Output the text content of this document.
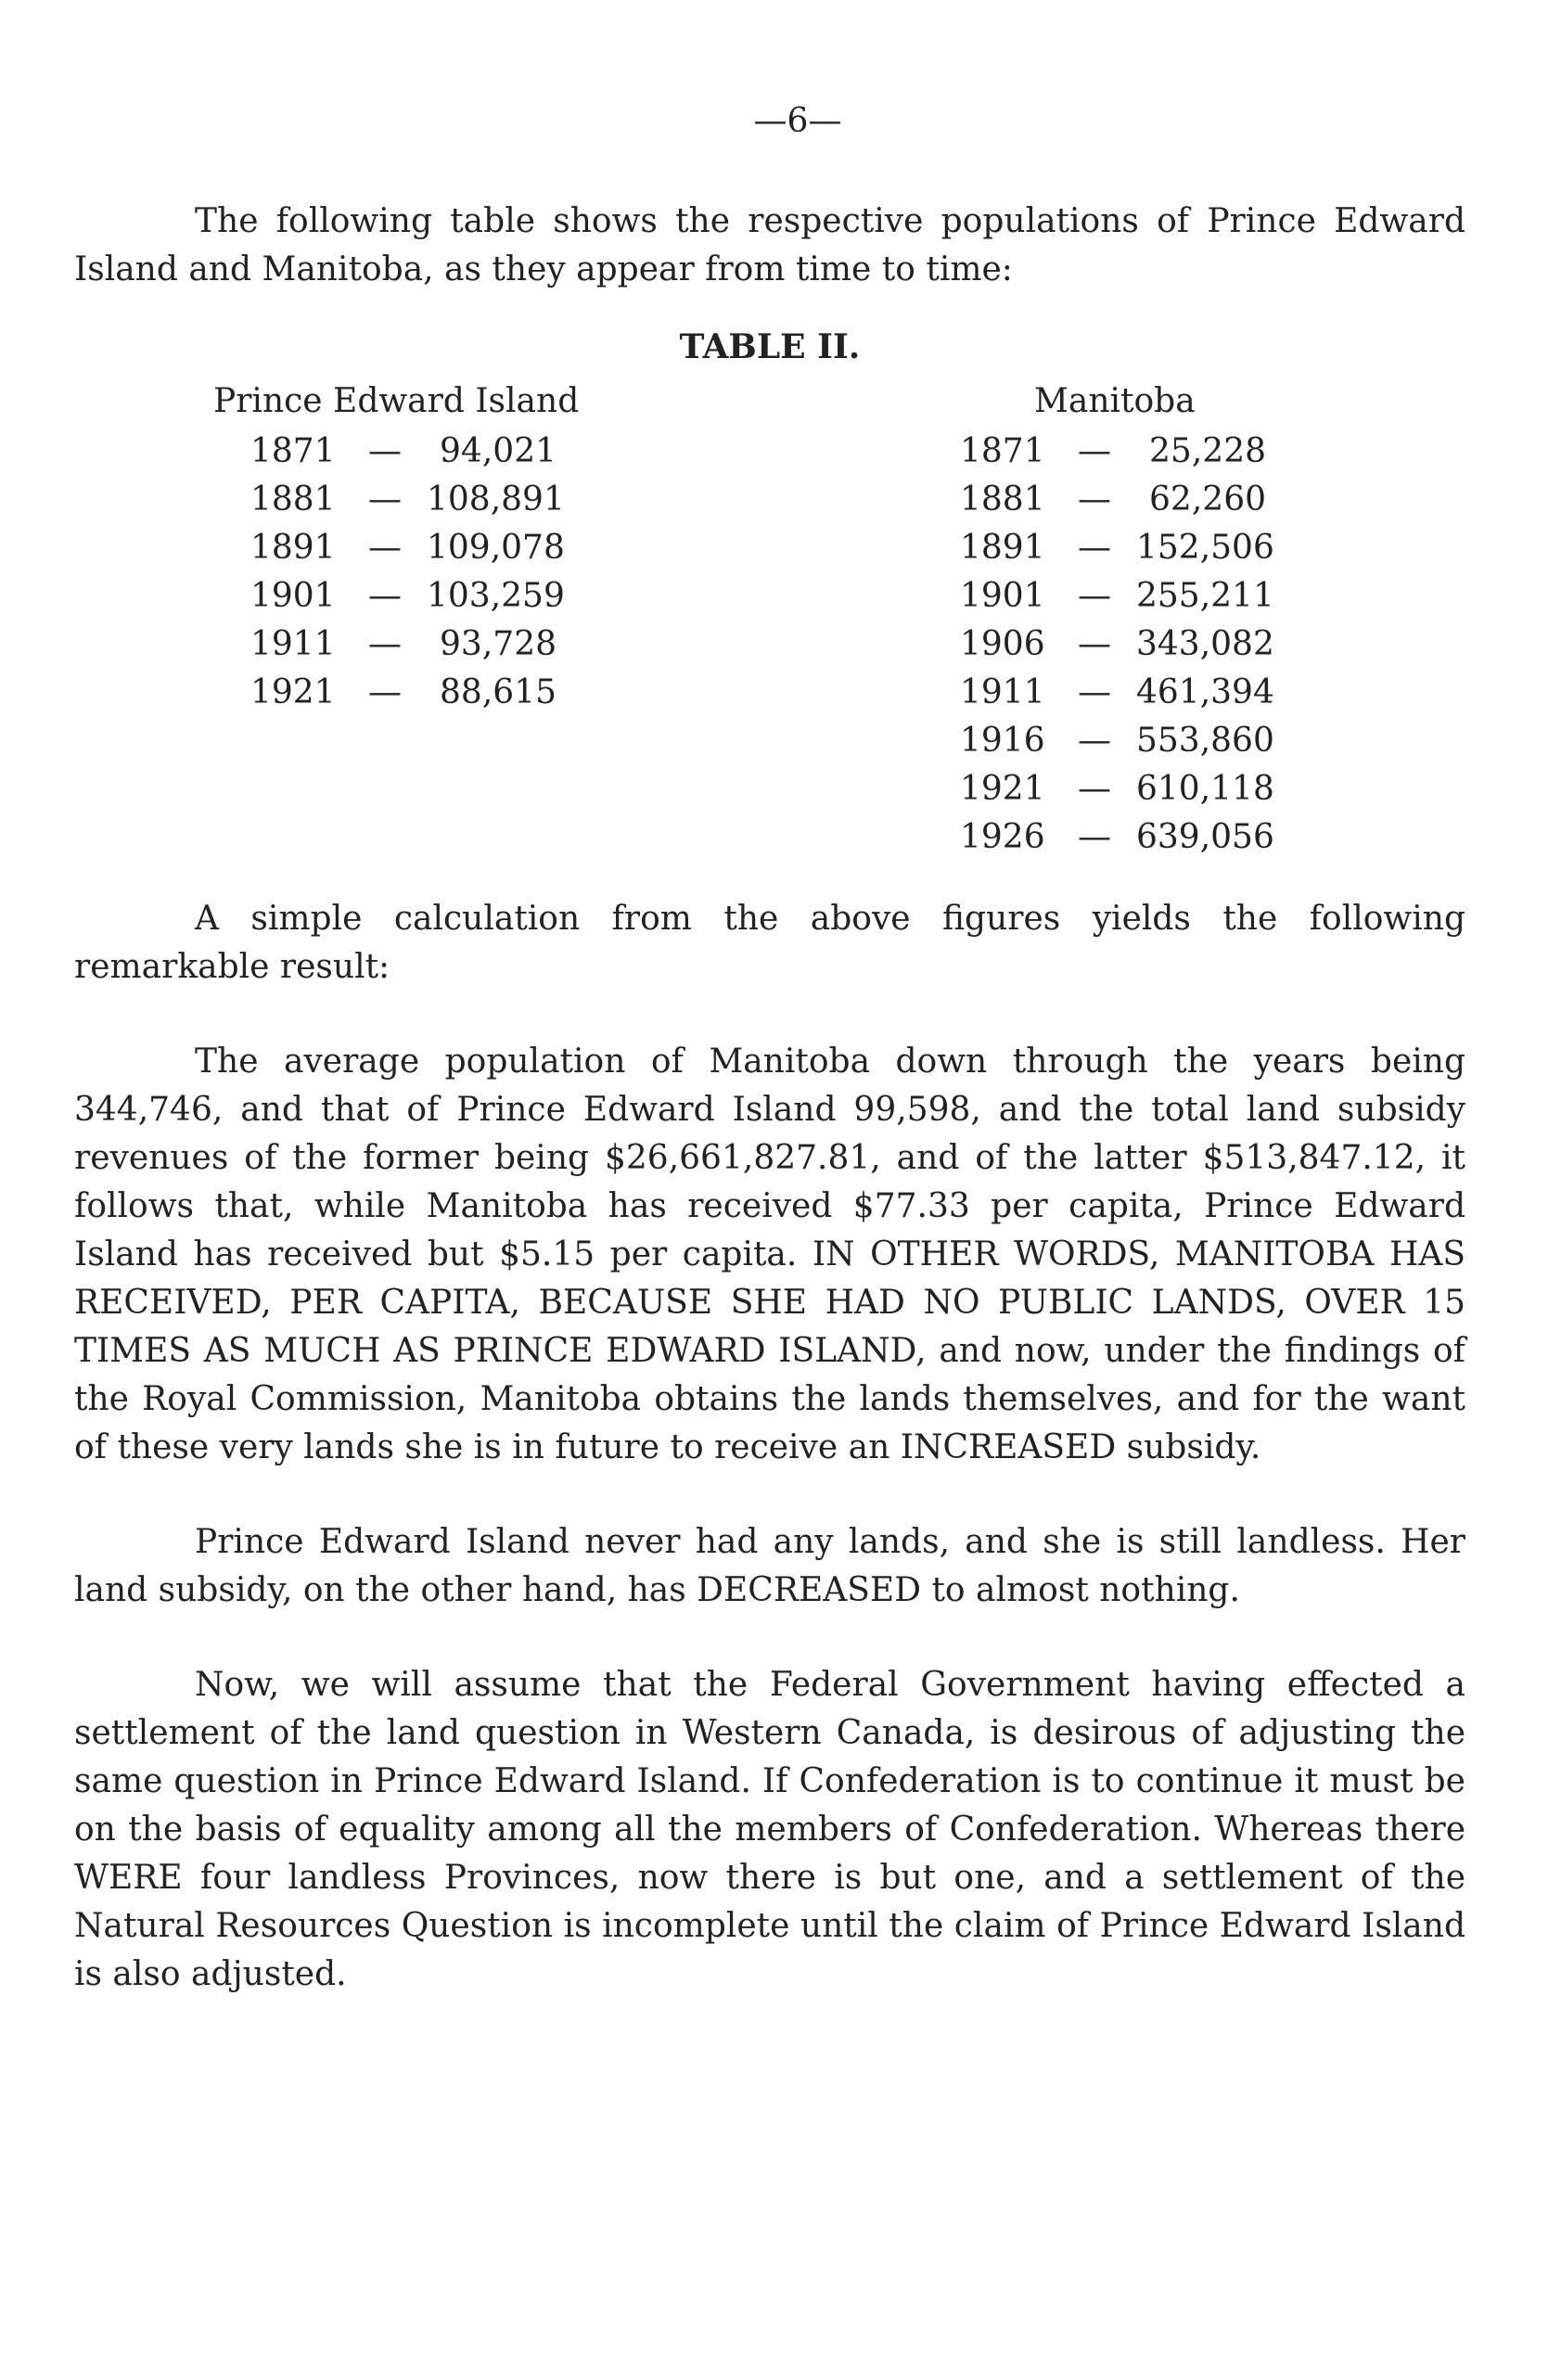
—6—

The following table shows the respective populations of Prince Edward Island and Manitoba, as they appear from time to time:

TABLE II.
Prince Edward Island
1871 —	94,021
1881 — 108,891
1891 — 109,078
1901 — 103,259
1911 —	93,728
1921 —	88,615
Manitoba
1871 —	25,228
1881 —	62,260
1891 — 152,506
1901 — 255,211
1906 — 343,082
1911 — 461,394
1916 — 553,860
1921 — 610,118
1926 — 639,056

A simple calculation from the above figures yields the following remarkable result:

The average population of Manitoba down through the years being 344,746, and that of Prince Edward Island 99,598, and the total land subsidy revenues of the former being $26,661,827.81, and of the latter $513,847.12, it follows that, while Manitoba has received $77.33 per capita, Prince Edward Island has received but $5.15 per capita. IN OTHER WORDS, MANITOBA HAS RECEIVED, PER CAPITA, BECAUSE SHE HAD NO PUBLIC LANDS, OVER 15 TIMES AS MUCH AS PRINCE EDWARD ISLAND, and now, under the findings of the Royal Commission, Manitoba obtains the lands themselves, and for the want of these very lands she is in future to receive an INCREASED subsidy.

Prince Edward Island never had any lands, and she is still landless. Her land subsidy, on the other hand, has DECREASED to almost nothing.

Now, we will assume that the Federal Government having effected a settlement of the land question in Western Canada, is desirous of adjusting the same question in Prince Edward Island. If Confederation is to continue it must be on the basis of equality among all the members of Confederation. Whereas there WERE four landless Provinces, now there is but one, and a settlement of the Natural Resources Question is incomplete until the claim of Prince Edward Island is also adjusted.
